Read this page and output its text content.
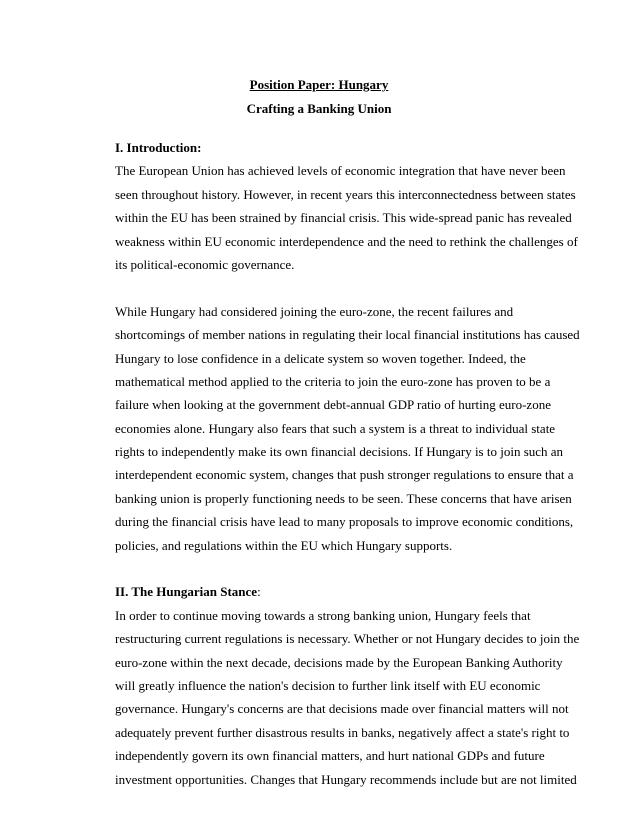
Position Paper: Hungary
Crafting a Banking Union
I. Introduction:
The European Union has achieved levels of economic integration that have never been
seen throughout history. However, in recent years this interconnectedness between states
within the EU has been strained by financial crisis. This wide-spread panic has revealed
weakness within EU economic interdependence and the need to rethink the challenges of
its political-economic governance.
While Hungary had considered joining the euro-zone, the recent failures and
shortcomings of member nations in regulating their local financial institutions has caused
Hungary to lose confidence in a delicate system so woven together. Indeed, the
mathematical method applied to the criteria to join the euro-zone has proven to be a
failure when looking at the government debt-annual GDP ratio of hurting euro-zone
economies alone. Hungary also fears that such a system is a threat to individual state
rights to independently make its own financial decisions. If Hungary is to join such an
interdependent economic system, changes that push stronger regulations to ensure that a
banking union is properly functioning needs to be seen. These concerns that have arisen
during the financial crisis have lead to many proposals to improve economic conditions,
policies, and regulations within the EU which Hungary supports.
II. The Hungarian Stance:
In order to continue moving towards a strong banking union, Hungary feels that
restructuring current regulations is necessary. Whether or not Hungary decides to join the
euro-zone within the next decade, decisions made by the European Banking Authority
will greatly influence the nation's decision to further link itself with EU economic
governance. Hungary's concerns are that decisions made over financial matters will not
adequately prevent further disastrous results in banks, negatively affect a state's right to
independently govern its own financial matters, and hurt national GDPs and future
investment opportunities. Changes that Hungary recommends include but are not limited
